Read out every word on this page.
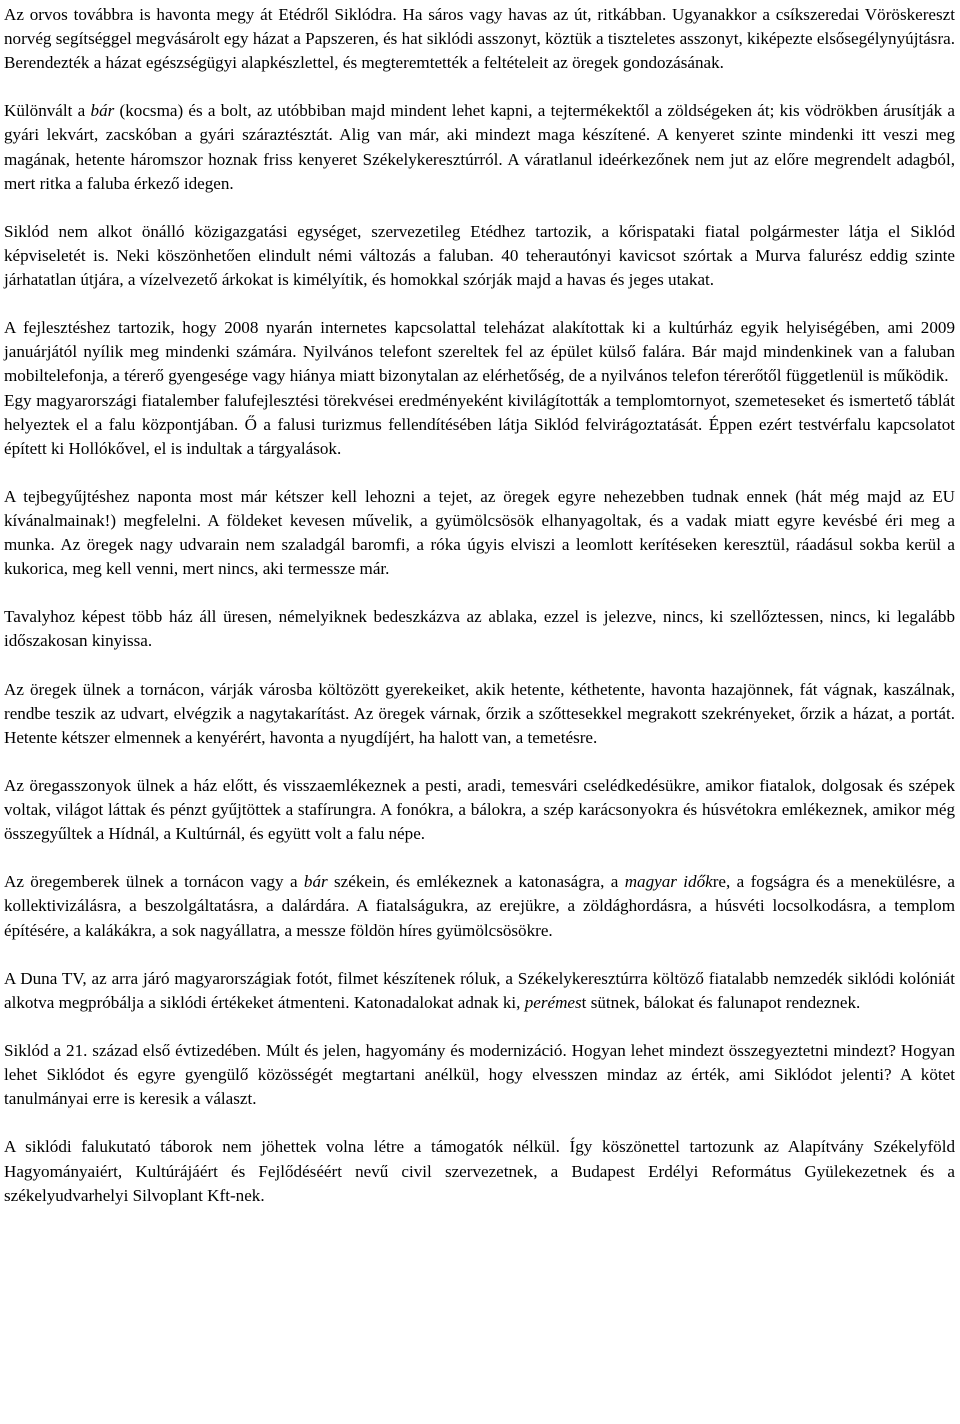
Az orvos továbbra is havonta megy át Etédről Siklódra. Ha sáros vagy havas az út, ritkábban. Ugyanakkor a csíkszeredai Vöröskereszt norvég segítséggel megvásárolt egy házat a Papszeren, és hat siklódi asszonyt, köztük a tiszteletes asszonyt, kiképezte elsősegélynyújtásra. Berendezték a házat egészségügyi alapkészlettel, és megteremtették a feltételeit az öregek gondozásának.

Különvált a bár (kocsma) és a bolt, az utóbbiban majd mindent lehet kapni, a tejtermékektől a zöldségeken át; kis vödrökben árusítják a gyári lekvárt, zacskóban a gyári száraztésztát. Alig van már, aki mindezt maga készítené. A kenyeret szinte mindenki itt veszi meg magának, hetente háromszor hoznak friss kenyeret Székelykeresztúrról. A váratlanul ideérkezőnek nem jut az előre megrendelt adagból, mert ritka a faluba érkező idegen.

Siklód nem alkot önálló közigazgatási egységet, szervezetileg Etédhez tartozik, a kőrispataki fiatal polgármester látja el Siklód képviseletét is. Neki köszönhetően elindult némi változás a faluban. 40 teherautónyi kavicsot szórtak a Murva falurész eddig szinte járhatatlan útjára, a vízelvezető árkokat is kimélyítik, és homokkal szórják majd a havas és jeges utakat.

A fejlesztéshez tartozik, hogy 2008 nyarán internetes kapcsolattal teleházat alakítottak ki a kultúrház egyik helyiségében, ami 2009 januárjától nyílik meg mindenki számára. Nyilvános telefont szereltek fel az épület külső falára. Bár majd mindenkinek van a faluban mobiltelefonja, a térerő gyengesége vagy hiánya miatt bizonytalan az elérhetőség, de a nyilvános telefon térerőtől függetlenül is működik.

Egy magyarországi fiatalember falufejlesztési törekvései eredményeként kivilágították a templomtornyot, szemeteseket és ismertető táblát helyeztek el a falu központjában. Ő a falusi turizmus fellendítésében látja Siklód felvirágoztatását. Éppen ezért testvérfalu kapcsolatot épített ki Hollókővel, el is indultak a tárgyalások.

A tejbegyűjtéshez naponta most már kétszer kell lehozni a tejet, az öregek egyre nehezebben tudnak ennek (hát még majd az EU kívánalmainak!) megfelelni. A földeket kevesen művelik, a gyümölcsösök elhanyagoltak, és a vadak miatt egyre kevésbé éri meg a munka. Az öregek nagy udvarain nem szaladgál baromfi, a róka úgyis elviszi a leomlott kerítéseken keresztül, ráadásul sokba kerül a kukorica, meg kell venni, mert nincs, aki termessze már.

Tavalyhoz képest több ház áll üresen, némelyiknek bedeszkázva az ablaka, ezzel is jelezve, nincs, ki szellőztessen, nincs, ki legalább időszakosan kinyissa.

Az öregek ülnek a tornácon, várják városba költözött gyerekeiket, akik hetente, kéthetente, havonta hazajönnek, fát vágnak, kaszálnak, rendbe teszik az udvart, elvégzik a nagytakarítást. Az öregek várnak, őrzik a szőttesekkel megrakott szekrényeket, őrzik a házat, a portát. Hetente kétszer elmennek a kenyérért, havonta a nyugdíjért, ha halott van, a temetésre.

Az öregasszonyok ülnek a ház előtt, és visszaemlékeznek a pesti, aradi, temesvári cselédkedésükre, amikor fiatalok, dolgosak és szépek voltak, világot láttak és pénzt gyűjtöttek a stafírungra. A fonókra, a bálokra, a szép karácsonyokra és húsvétokra emlékeznek, amikor még összegyűltek a Hídnál, a Kultúrnál, és együtt volt a falu népe.

Az öregemberek ülnek a tornácon vagy a bár székein, és emlékeznek a katonaságra, a magyar időkre, a fogságra és a menekülésre, a kollektivizálásra, a beszolgáltatásra, a dalárdára. A fiatalságukra, az erejükre, a zöldághordásra, a húsvéti locsolkodásra, a templom építésére, a kalákákra, a sok nagyállatra, a messze földön híres gyümölcsösökre.

A Duna TV, az arra járó magyarországiak fotót, filmet készítenek róluk, a Székelykeresztúrra költöző fiatalabb nemzedék siklódi kolóniát alkotva megpróbálja a siklódi értékeket átmenteni. Katonadalokat adnak ki, perémest sütnek, bálokat és falunapot rendeznek.

Siklód a 21. század első évtizedében. Múlt és jelen, hagyomány és modernizáció. Hogyan lehet mindezt összegyeztetni mindezt? Hogyan lehet Siklódot és egyre gyengülő közösségét megtartani anélkül, hogy elvesszen mindaz az érték, ami Siklódot jelenti? A kötet tanulmányai erre is keresik a választ.

A siklódi falukutató táborok nem jöhettek volna létre a támogatók nélkül. Így köszönettel tartozunk az Alapítvány Székelyföld Hagyományaiért, Kultúrájáért és Fejlődéséért nevű civil szervezetnek, a Budapest Erdélyi Református Gyülekezetnek és a székelyudvarhelyi Silvoplant Kft-nek.
